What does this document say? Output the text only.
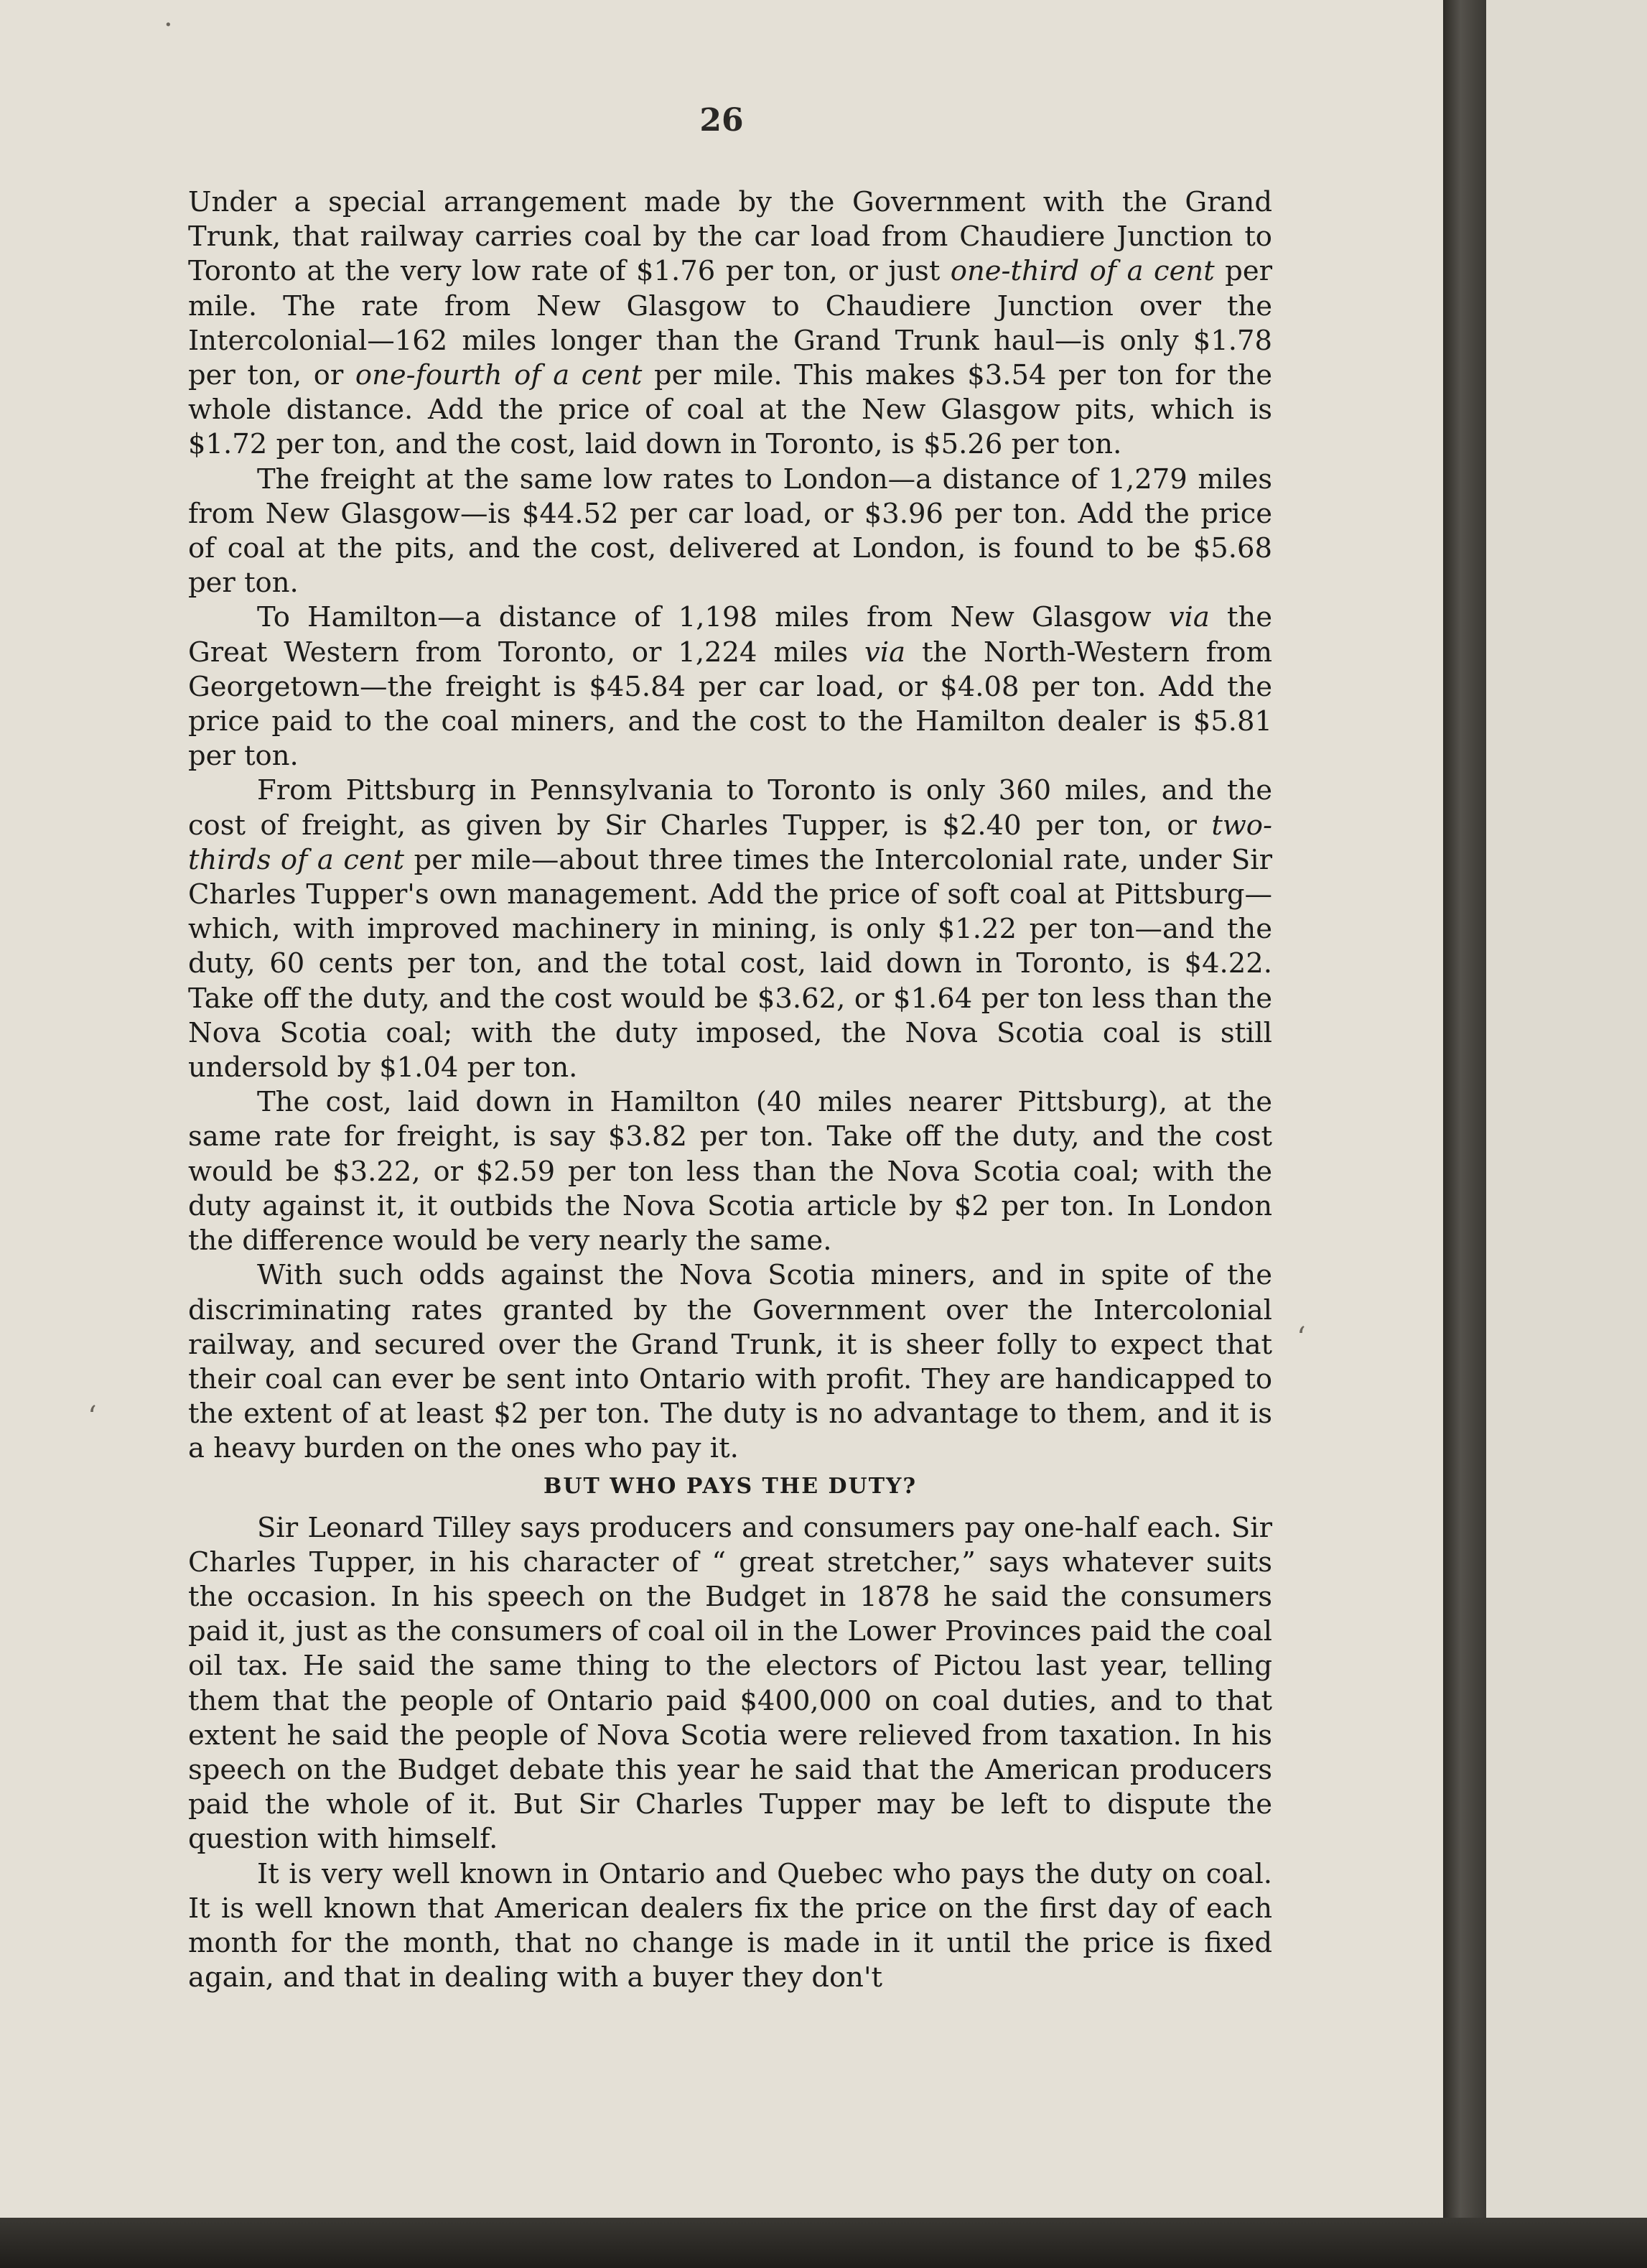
26

Under a special arrangement made by the Government with the Grand Trunk, that railway carries coal by the car load from Chaudiere Junction to Toronto at the very low rate of $1.76 per ton, or just one-third of a cent per mile. The rate from New Glasgow to Chaudiere Junction over the Intercolonial—162 miles longer than the Grand Trunk haul—is only $1.78 per ton, or one-fourth of a cent per mile. This makes $3.54 per ton for the whole distance. Add the price of coal at the New Glasgow pits, which is $1.72 per ton, and the cost, laid down in Toronto, is $5.26 per ton.

The freight at the same low rates to London—a distance of 1,279 miles from New Glasgow—is $44.52 per car load, or $3.96 per ton. Add the price of coal at the pits, and the cost, delivered at London, is found to be $5.68 per ton.

To Hamilton—a distance of 1,198 miles from New Glasgow via the Great Western from Toronto, or 1,224 miles via the North-Western from Georgetown—the freight is $45.84 per car load, or $4.08 per ton. Add the price paid to the coal miners, and the cost to the Hamilton dealer is $5.81 per ton.

From Pittsburg in Pennsylvania to Toronto is only 360 miles, and the cost of freight, as given by Sir Charles Tupper, is $2.40 per ton, or two-thirds of a cent per mile—about three times the Intercolonial rate, under Sir Charles Tupper's own management. Add the price of soft coal at Pittsburg—which, with improved machinery in mining, is only $1.22 per ton—and the duty, 60 cents per ton, and the total cost, laid down in Toronto, is $4.22. Take off the duty, and the cost would be $3.62, or $1.64 per ton less than the Nova Scotia coal; with the duty imposed, the Nova Scotia coal is still undersold by $1.04 per ton.

The cost, laid down in Hamilton (40 miles nearer Pittsburg), at the same rate for freight, is say $3.82 per ton. Take off the duty, and the cost would be $3.22, or $2.59 per ton less than the Nova Scotia coal; with the duty against it, it outbids the Nova Scotia article by $2 per ton. In London the difference would be very nearly the same.

With such odds against the Nova Scotia miners, and in spite of the discriminating rates granted by the Government over the Intercolonial railway, and secured over the Grand Trunk, it is sheer folly to expect that their coal can ever be sent into Ontario with profit. They are handicapped to the extent of at least $2 per ton. The duty is no advantage to them, and it is a heavy burden on the ones who pay it.

BUT WHO PAYS THE DUTY?

Sir Leonard Tilley says producers and consumers pay one-half each. Sir Charles Tupper, in his character of “ great stretcher,” says whatever suits the occasion. In his speech on the Budget in 1878 he said the consumers paid it, just as the consumers of coal oil in the Lower Provinces paid the coal oil tax. He said the same thing to the electors of Pictou last year, telling them that the people of Ontario paid $400,000 on coal duties, and to that extent he said the people of Nova Scotia were relieved from taxation. In his speech on the Budget debate this year he said that the American producers paid the whole of it. But Sir Charles Tupper may be left to dispute the question with himself.

It is very well known in Ontario and Quebec who pays the duty on coal. It is well known that American dealers fix the price on the first day of each month for the month, that no change is made in it until the price is fixed again, and that in dealing with a buyer they don't

·
‘
‘
